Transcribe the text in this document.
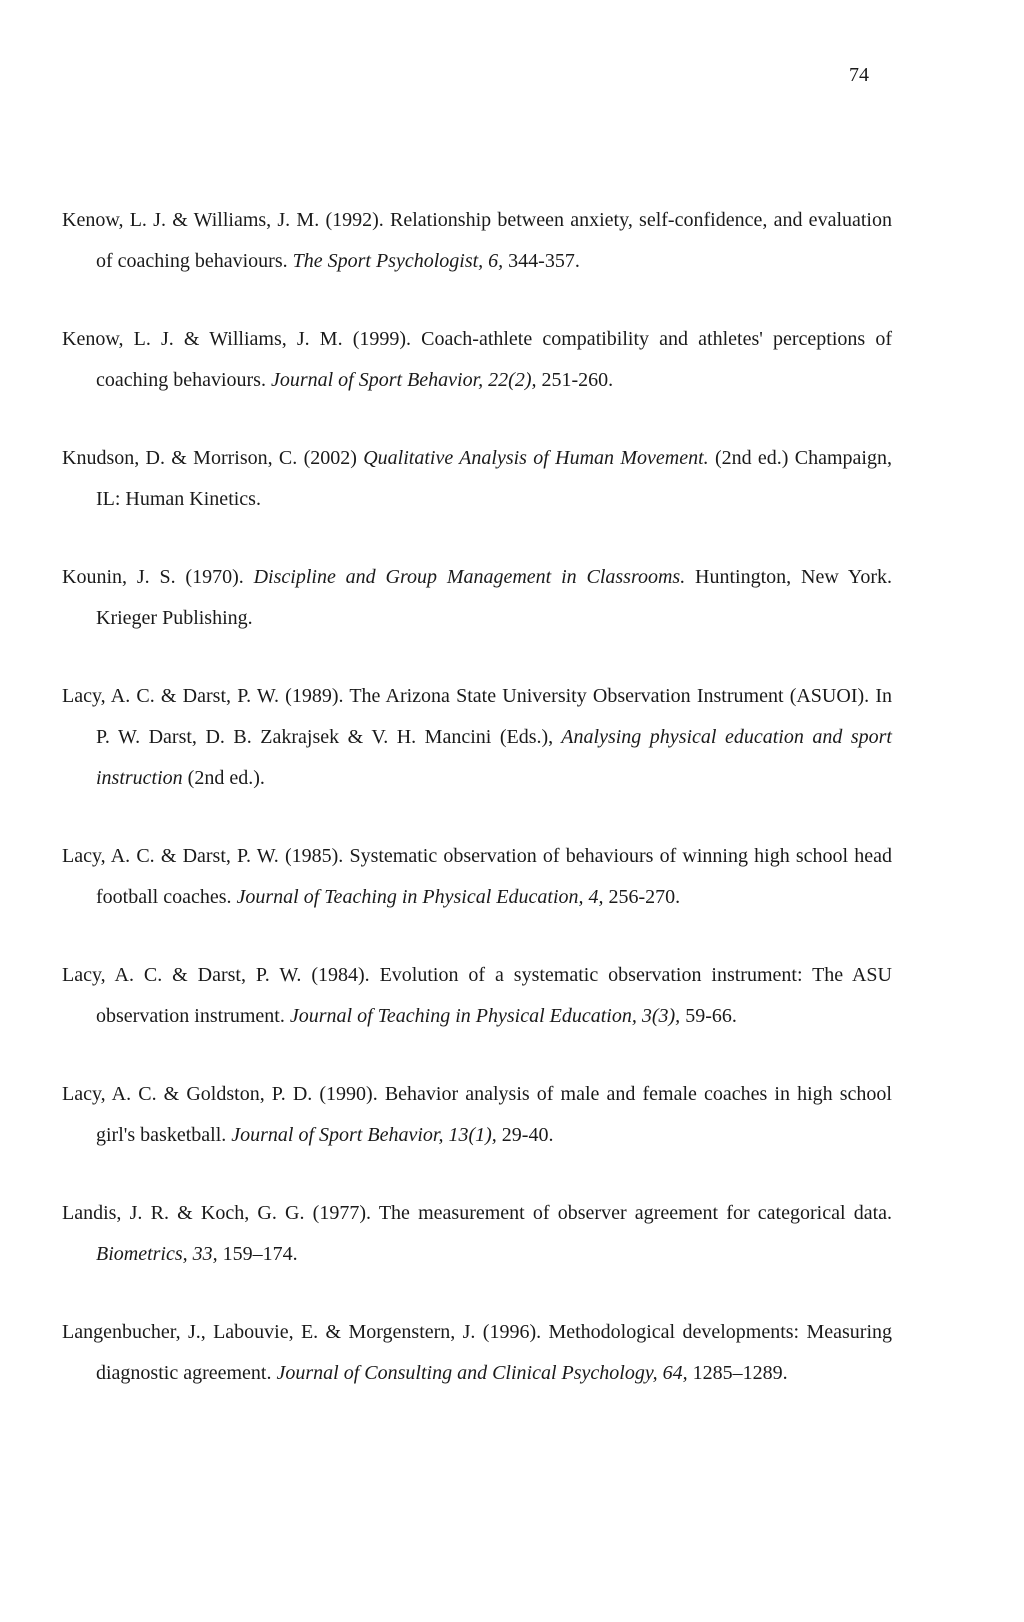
74

Kenow, L. J. & Williams, J. M. (1992). Relationship between anxiety, self-confidence, and evaluation of coaching behaviours. The Sport Psychologist, 6, 344-357.

Kenow, L. J. & Williams, J. M. (1999). Coach-athlete compatibility and athletes' perceptions of coaching behaviours. Journal of Sport Behavior, 22(2), 251-260.

Knudson, D. & Morrison, C. (2002) Qualitative Analysis of Human Movement. (2nd ed.) Champaign, IL: Human Kinetics.

Kounin, J. S. (1970). Discipline and Group Management in Classrooms. Huntington, New York. Krieger Publishing.

Lacy, A. C. & Darst, P. W. (1989). The Arizona State University Observation Instrument (ASUOI). In P. W. Darst, D. B. Zakrajsek & V. H. Mancini (Eds.), Analysing physical education and sport instruction (2nd ed.).

Lacy, A. C. & Darst, P. W. (1985). Systematic observation of behaviours of winning high school head football coaches. Journal of Teaching in Physical Education, 4, 256-270.

Lacy, A. C. & Darst, P. W. (1984). Evolution of a systematic observation instrument: The ASU observation instrument. Journal of Teaching in Physical Education, 3(3), 59-66.

Lacy, A. C. & Goldston, P. D. (1990). Behavior analysis of male and female coaches in high school girl's basketball. Journal of Sport Behavior, 13(1), 29-40.

Landis, J. R. & Koch, G. G. (1977). The measurement of observer agreement for categorical data. Biometrics, 33, 159–174.

Langenbucher, J., Labouvie, E. & Morgenstern, J. (1996). Methodological developments: Measuring diagnostic agreement. Journal of Consulting and Clinical Psychology, 64, 1285–1289.
